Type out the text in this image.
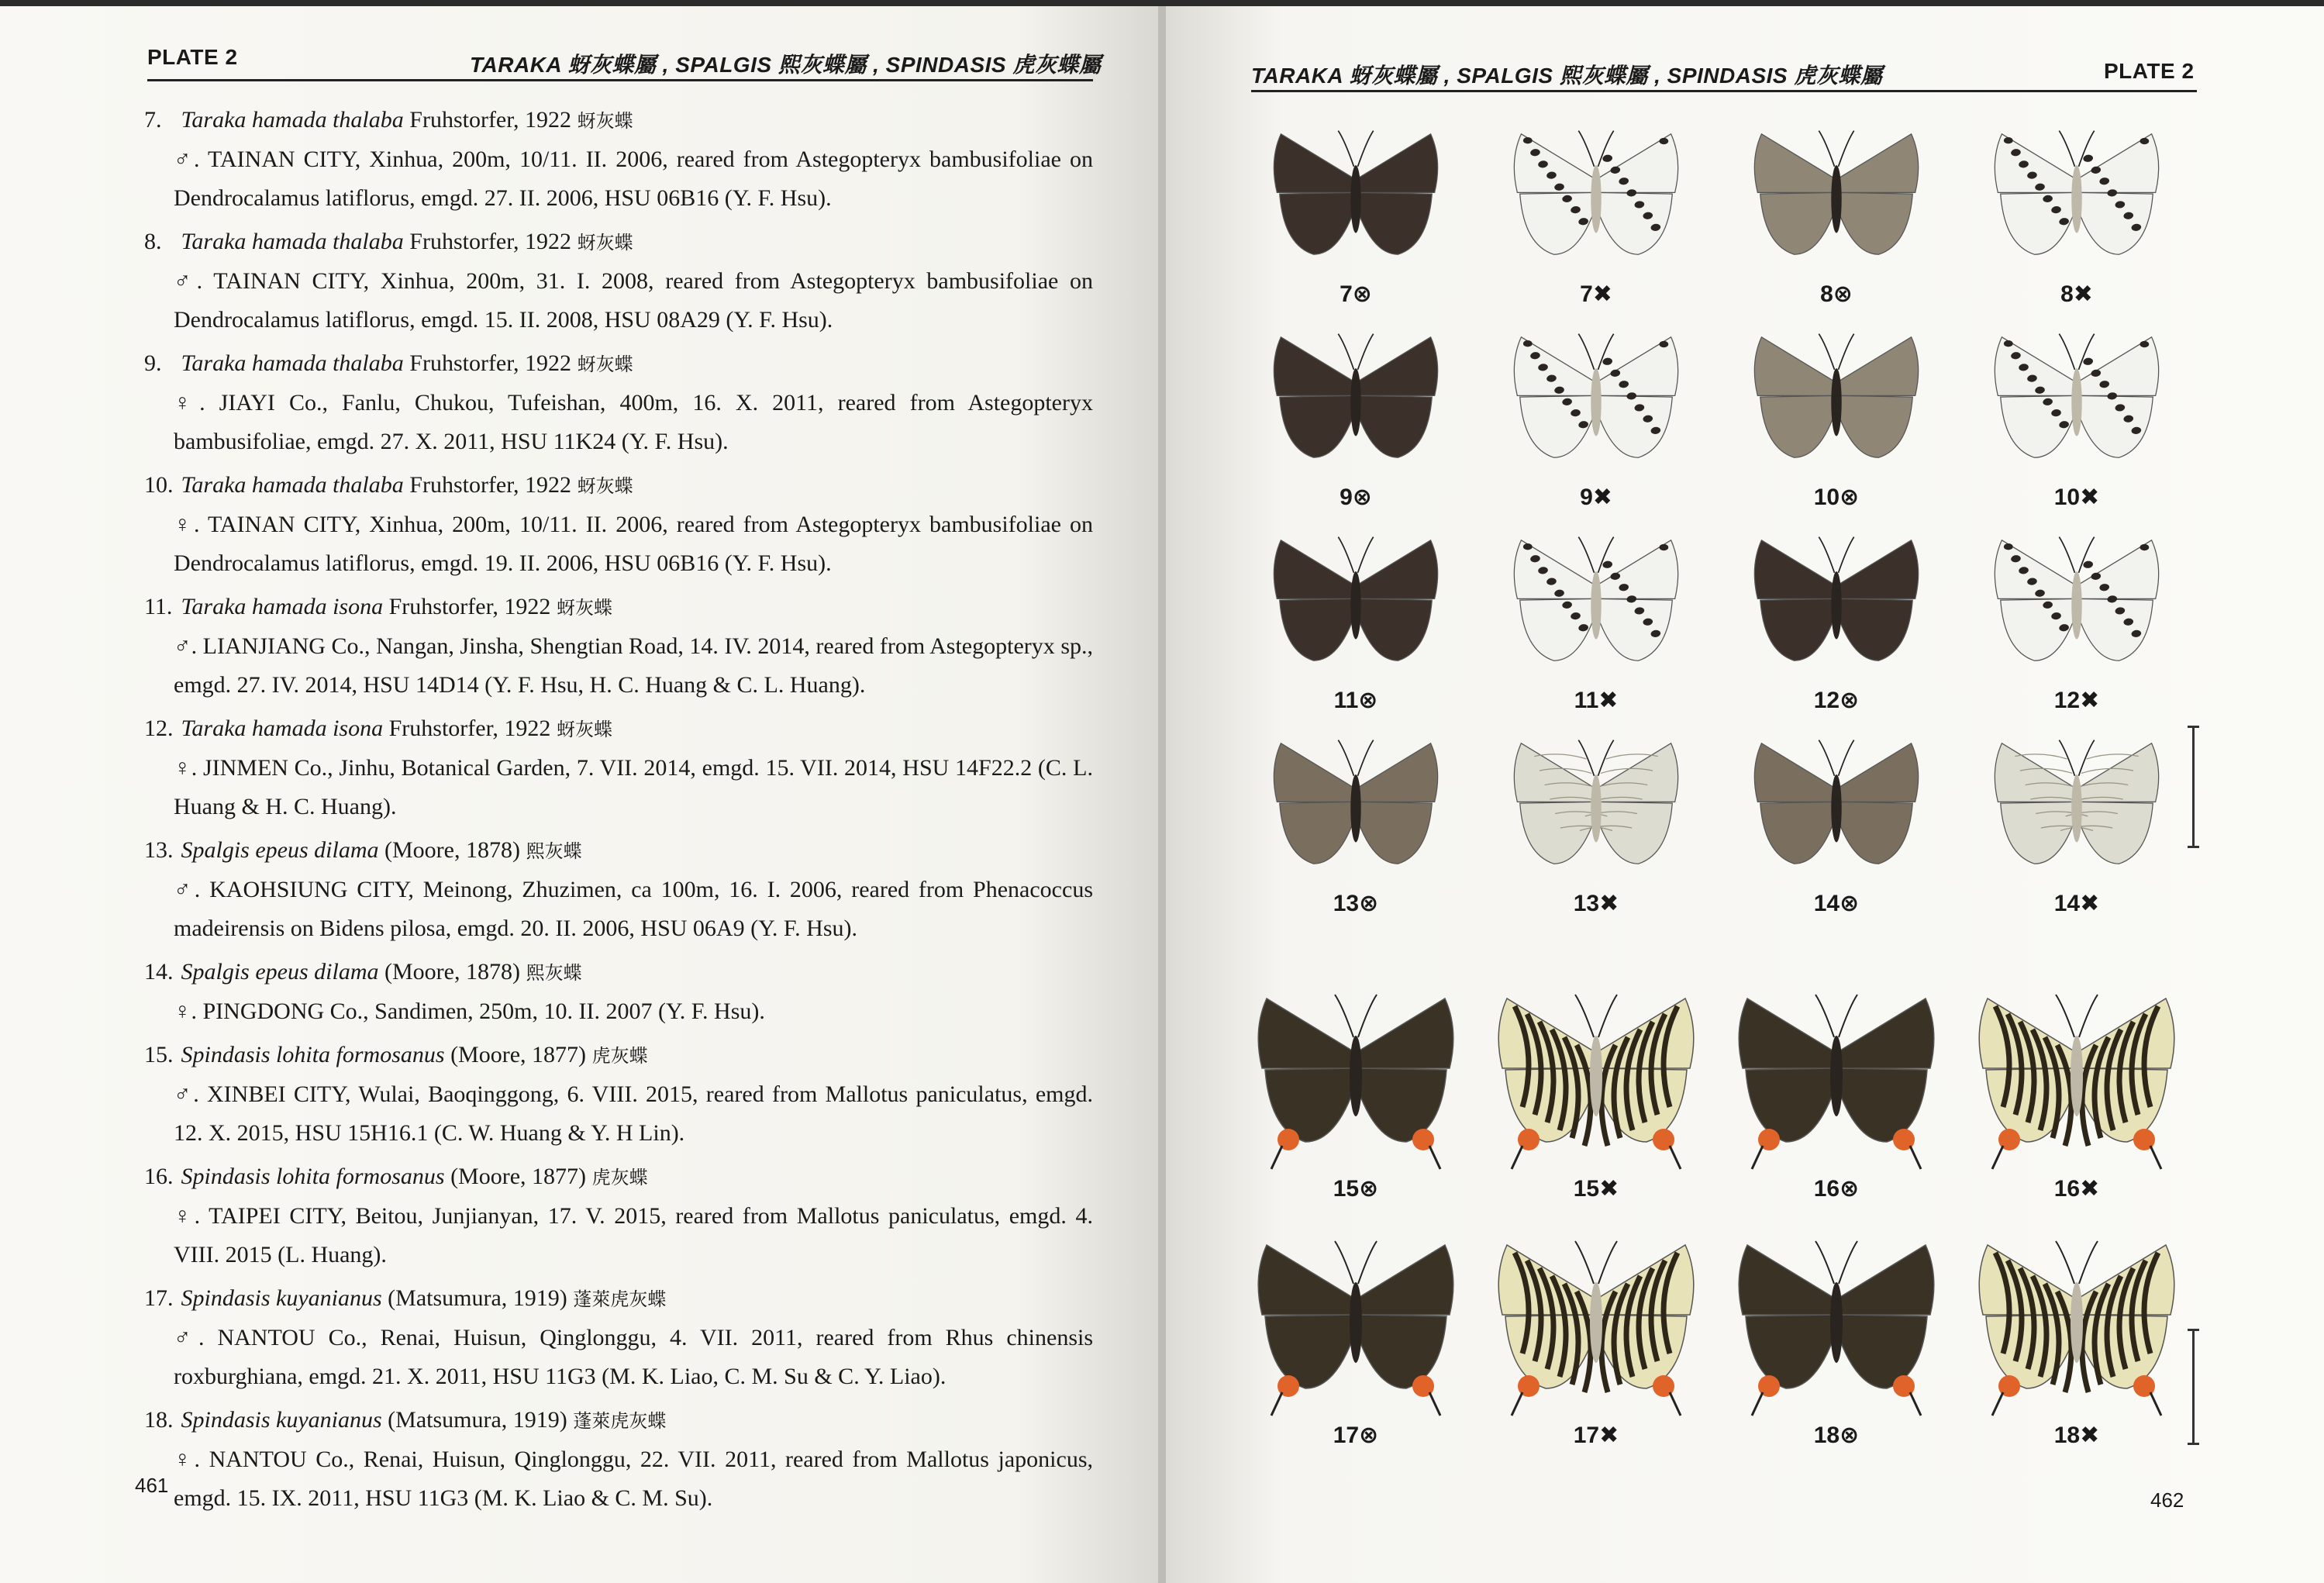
PLATE 2	TARAKA 蚜灰蝶屬 , SPALGIS 熙灰蝶屬 , SPINDASIS 虎灰蝶屬
7. Taraka hamada thalaba Fruhstorfer, 1922 蚜灰蝶
♂. TAINAN CITY, Xinhua, 200m, 10/11. II. 2006, reared from Astegopteryx bambusifoliae on Dendrocalamus latiflorus, emgd. 27. II. 2006, HSU 06B16 (Y. F. Hsu).
8. Taraka hamada thalaba Fruhstorfer, 1922 蚜灰蝶
♂. TAINAN CITY, Xinhua, 200m, 31. I. 2008, reared from Astegopteryx bambusifoliae on Dendrocalamus latiflorus, emgd. 15. II. 2008, HSU 08A29 (Y. F. Hsu).
9. Taraka hamada thalaba Fruhstorfer, 1922 蚜灰蝶
♀. JIAYI Co., Fanlu, Chukou, Tufeishan, 400m, 16. X. 2011, reared from Astegopteryx bambusifoliae, emgd. 27. X. 2011, HSU 11K24 (Y. F. Hsu).
10. Taraka hamada thalaba Fruhstorfer, 1922 蚜灰蝶
♀. TAINAN CITY, Xinhua, 200m, 10/11. II. 2006, reared from Astegopteryx bambusifoliae on Dendrocalamus latiflorus, emgd. 19. II. 2006, HSU 06B16 (Y. F. Hsu).
11. Taraka hamada isona Fruhstorfer, 1922 蚜灰蝶
♂. LIANJIANG Co., Nangan, Jinsha, Shengtian Road, 14. IV. 2014, reared from Astegopteryx sp., emgd. 27. IV. 2014, HSU 14D14 (Y. F. Hsu, H. C. Huang & C. L. Huang).
12. Taraka hamada isona Fruhstorfer, 1922 蚜灰蝶
♀. JINMEN Co., Jinhu, Botanical Garden, 7. VII. 2014, emgd. 15. VII. 2014, HSU 14F22.2 (C. L. Huang & H. C. Huang).
13. Spalgis epeus dilama (Moore, 1878) 熙灰蝶
♂. KAOHSIUNG CITY, Meinong, Zhuzimen, ca 100m, 16. I. 2006, reared from Phenacoccus madeirensis on Bidens pilosa, emgd. 20. II. 2006, HSU 06A9 (Y. F. Hsu).
14. Spalgis epeus dilama (Moore, 1878) 熙灰蝶
♀. PINGDONG Co., Sandimen, 250m, 10. II. 2007 (Y. F. Hsu).
15. Spindasis lohita formosanus (Moore, 1877) 虎灰蝶
♂. XINBEI CITY, Wulai, Baoqinggong, 6. VIII. 2015, reared from Mallotus paniculatus, emgd. 12. X. 2015, HSU 15H16.1 (C. W. Huang & Y. H Lin).
16. Spindasis lohita formosanus (Moore, 1877) 虎灰蝶
♀. TAIPEI CITY, Beitou, Junjianyan, 17. V. 2015, reared from Mallotus paniculatus, emgd. 4. VIII. 2015 (L. Huang).
17. Spindasis kuyanianus (Matsumura, 1919) 蓬萊虎灰蝶
♂. NANTOU Co., Renai, Huisun, Qinglonggu, 4. VII. 2011, reared from Rhus chinensis roxburghiana, emgd. 21. X. 2011, HSU 11G3 (M. K. Liao, C. M. Su & C. Y. Liao).
18. Spindasis kuyanianus (Matsumura, 1919) 蓬萊虎灰蝶
♀. NANTOU Co., Renai, Huisun, Qinglonggu, 22. VII. 2011, reared from Mallotus japonicus, emgd. 15. IX. 2011, HSU 11G3 (M. K. Liao & C. M. Su).
461
TARAKA 蚜灰蝶屬 , SPALGIS 熙灰蝶屬 , SPINDASIS 虎灰蝶屬	PLATE 2
7⊗	7✖	8⊗	8✖
9⊗	9✖	10⊗	10✖
11⊗	11✖	12⊗	12✖
13⊗	13✖	14⊗	14✖
15⊗	15✖	16⊗	16✖
17⊗	17✖	18⊗	18✖
462
